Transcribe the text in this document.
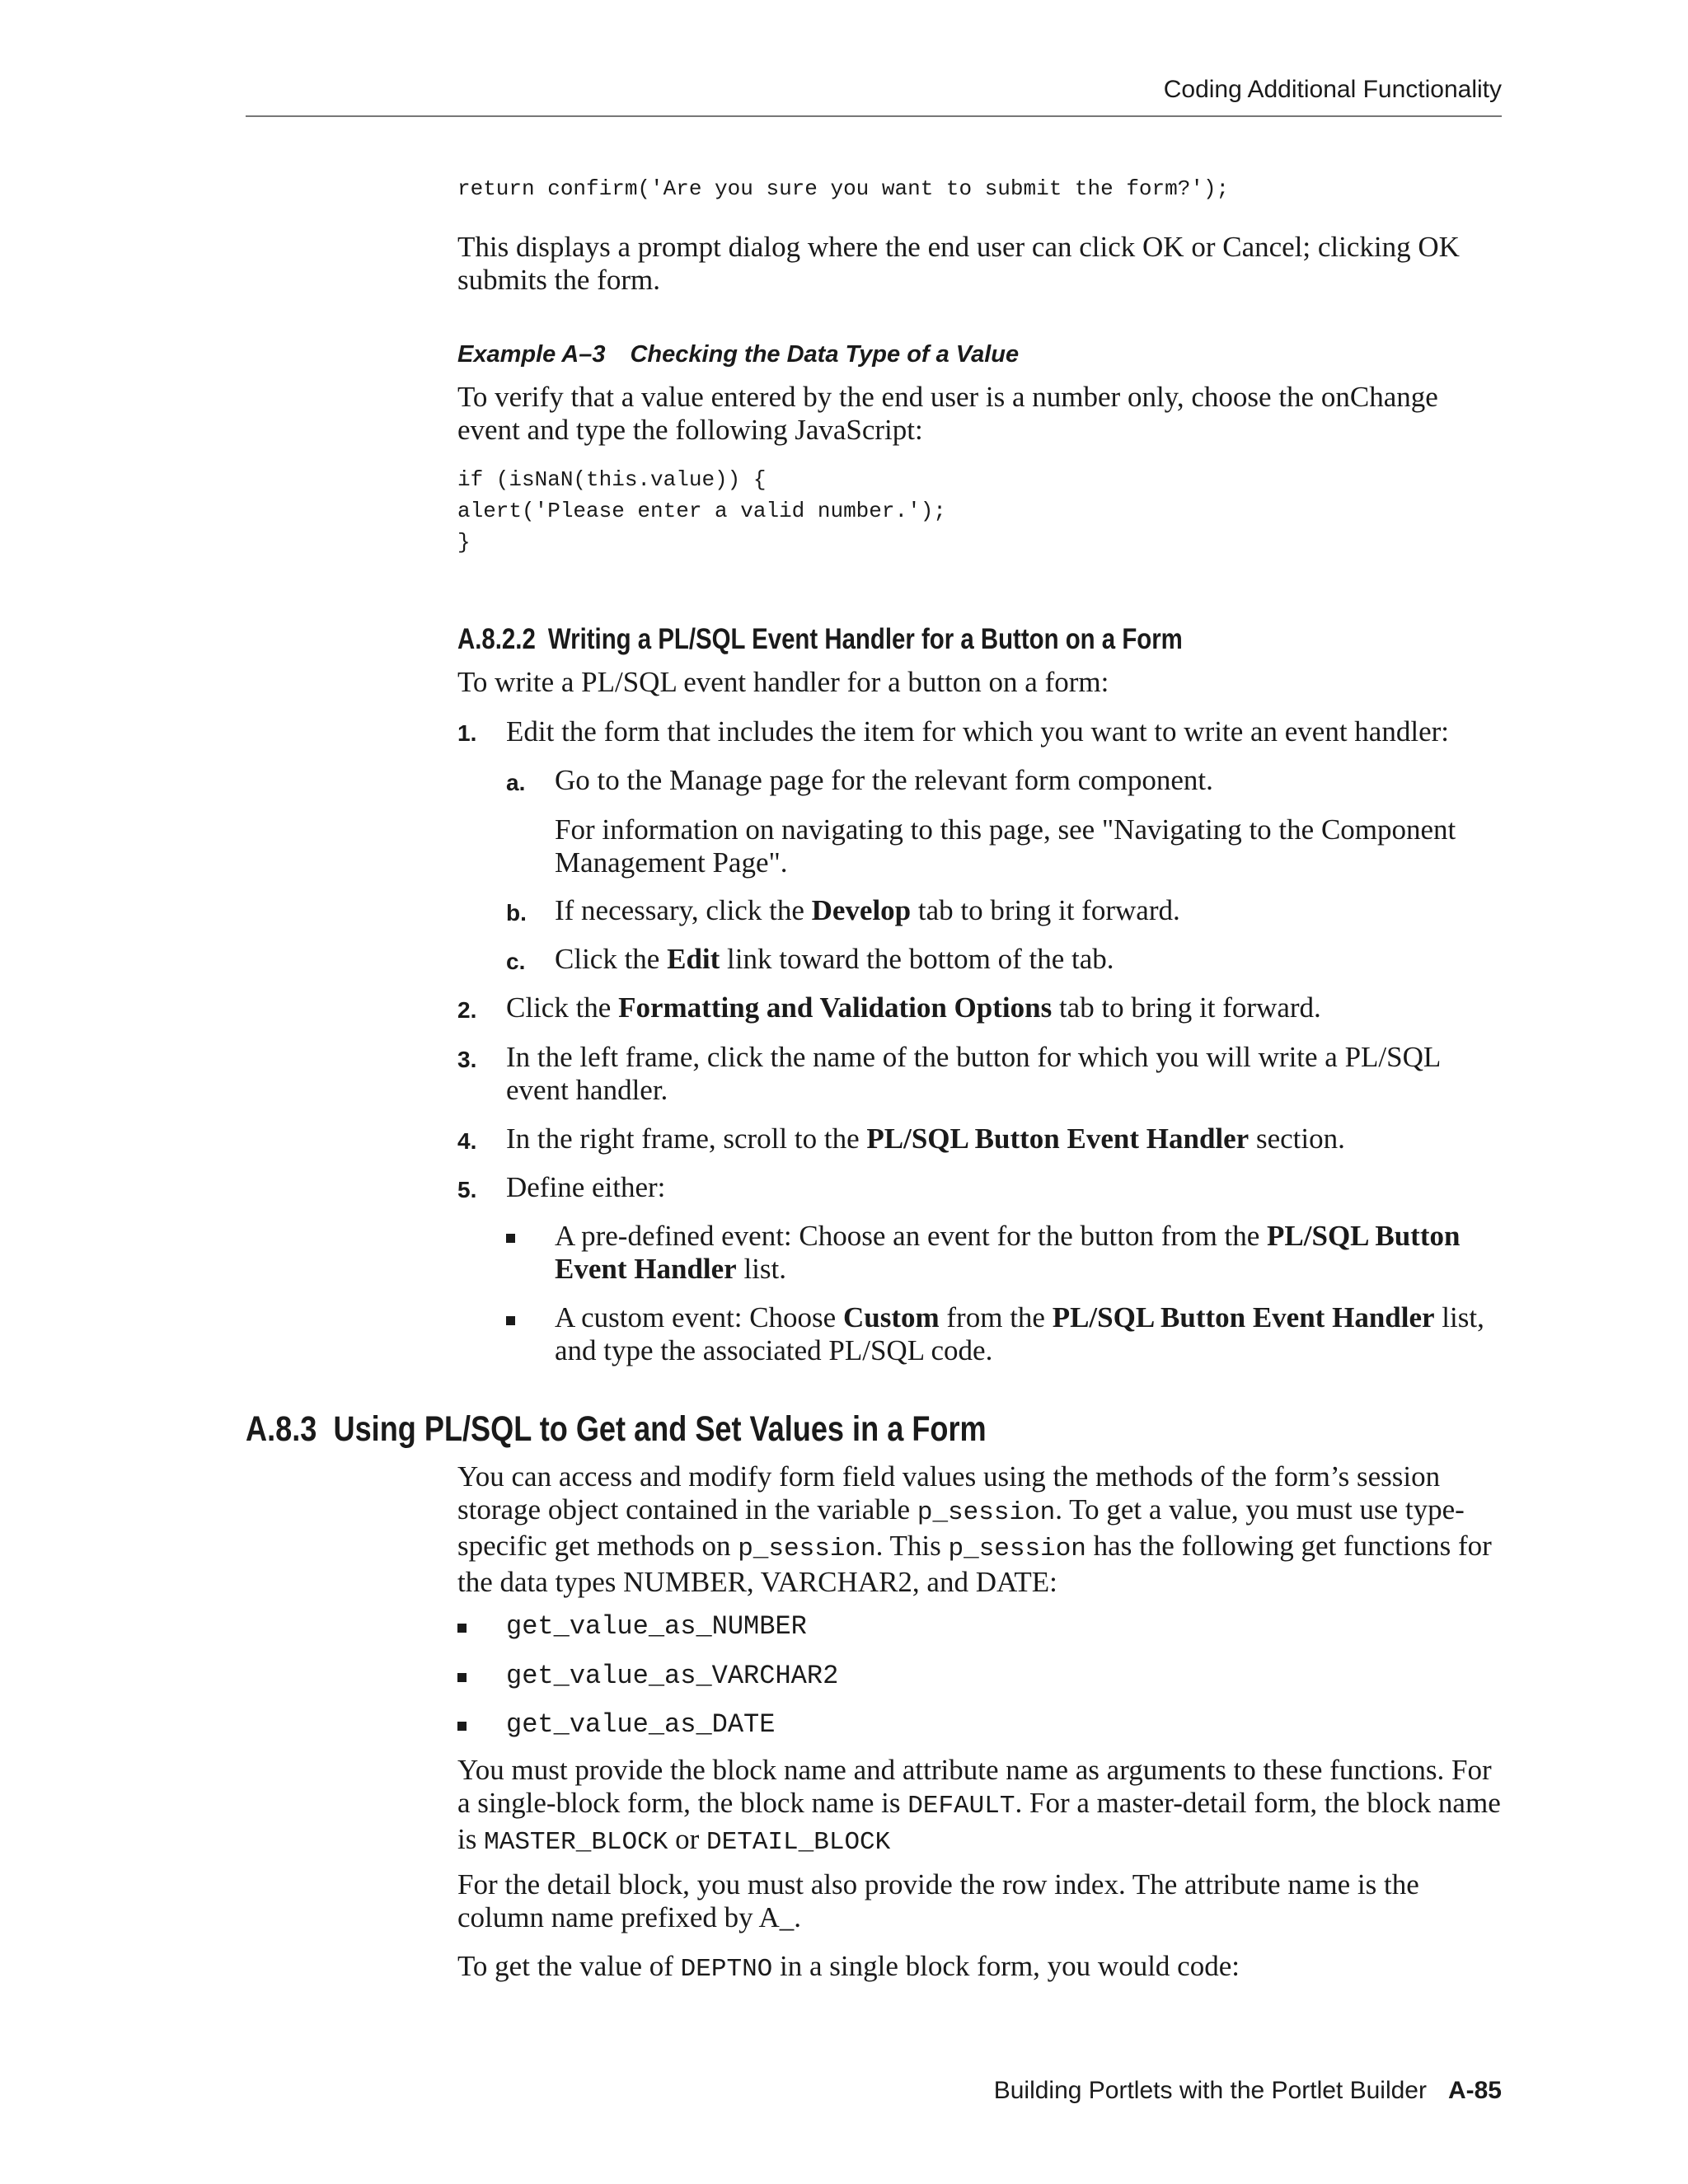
Coding Additional Functionality
return confirm('Are you sure you want to submit the form?');

This displays a prompt dialog where the end user can click OK or Cancel; clicking OK submits the form.

Example A–3 Checking the Data Type of a Value

To verify that a value entered by the end user is a number only, choose the onChange event and type the following JavaScript:

if (isNaN(this.value)) {
alert('Please enter a valid number.');
}
A.8.2.2 Writing a PL/SQL Event Handler for a Button on a Form

To write a PL/SQL event handler for a button on a form:

1. Edit the form that includes the item for which you want to write an event handler:

a. Go to the Manage page for the relevant form component.

For information on navigating to this page, see "Navigating to the Component Management Page".

b. If necessary, click the Develop tab to bring it forward.

c. Click the Edit link toward the bottom of the tab.

2. Click the Formatting and Validation Options tab to bring it forward.

3. In the left frame, click the name of the button for which you will write a PL/SQL event handler.

4. In the right frame, scroll to the PL/SQL Button Event Handler section.

5. Define either:

A pre-defined event: Choose an event for the button from the PL/SQL Button Event Handler list.

A custom event: Choose Custom from the PL/SQL Button Event Handler list, and type the associated PL/SQL code.

A.8.3 Using PL/SQL to Get and Set Values in a Form

You can access and modify form field values using the methods of the form’s session storage object contained in the variable p_session. To get a value, you must use type-specific get methods on p_session. This p_session has the following get functions for the data types NUMBER, VARCHAR2, and DATE:

get_value_as_NUMBER
get_value_as_VARCHAR2
get_value_as_DATE

You must provide the block name and attribute name as arguments to these functions. For a single-block form, the block name is DEFAULT. For a master-detail form, the block name is MASTER_BLOCK or DETAIL_BLOCK

For the detail block, you must also provide the row index. The attribute name is the column name prefixed by A_.

To get the value of DEPTNO in a single block form, you would code:

Building Portlets with the Portlet Builder A-85
